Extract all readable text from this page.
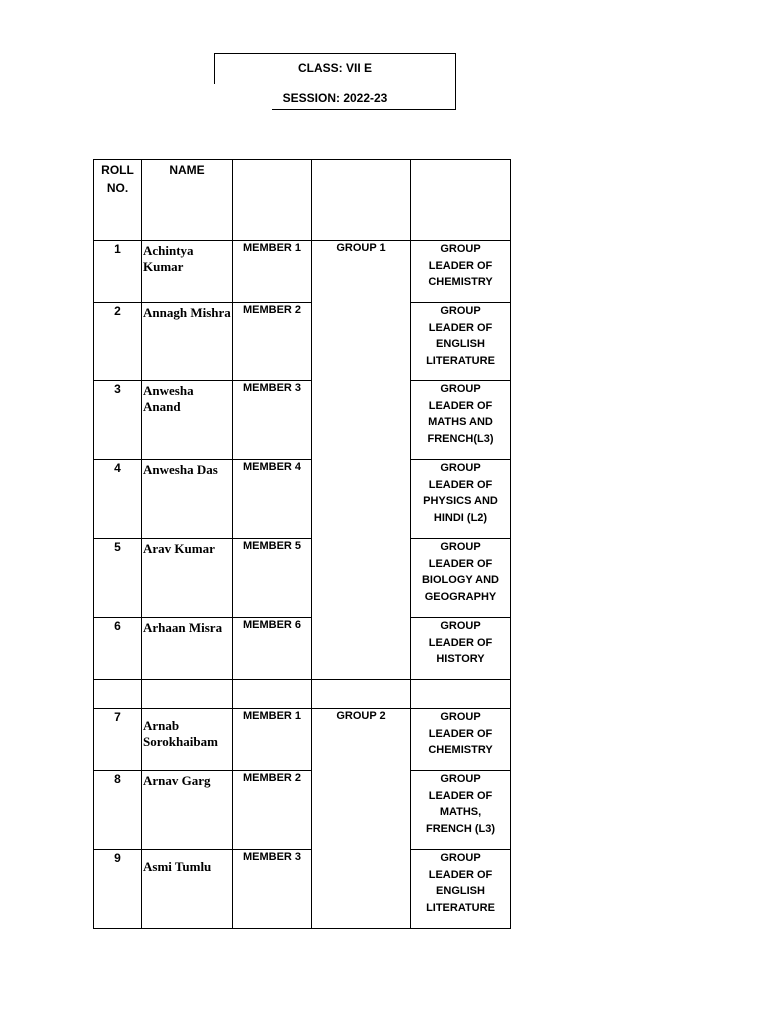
CLASS: VII E
SESSION: 2022-23
ROLL
NO.	NAME			

1	Achintya Kumar	MEMBER 1	GROUP 1	GROUP
LEADER OF
CHEMISTRY

2	Annagh Mishra	MEMBER 2		GROUP
LEADER OF
ENGLISH
LITERATURE

3	Anwesha Anand	MEMBER 3		GROUP
LEADER OF
MATHS AND
FRENCH(L3)

4	Anwesha Das	MEMBER 4		GROUP
LEADER OF
PHYSICS AND
HINDI (L2)

5	Arav Kumar	MEMBER 5		GROUP
LEADER OF
BIOLOGY AND
GEOGRAPHY

6	Arhaan Misra	MEMBER 6		GROUP
LEADER OF
HISTORY

7	Arnab Sorokhaibam	MEMBER 1	GROUP 2	GROUP
LEADER OF
CHEMISTRY

8	Arnav Garg	MEMBER 2		GROUP
LEADER OF
MATHS,
FRENCH (L3)

9	Asmi Tumlu	MEMBER 3		GROUP
LEADER OF
ENGLISH
LITERATURE
